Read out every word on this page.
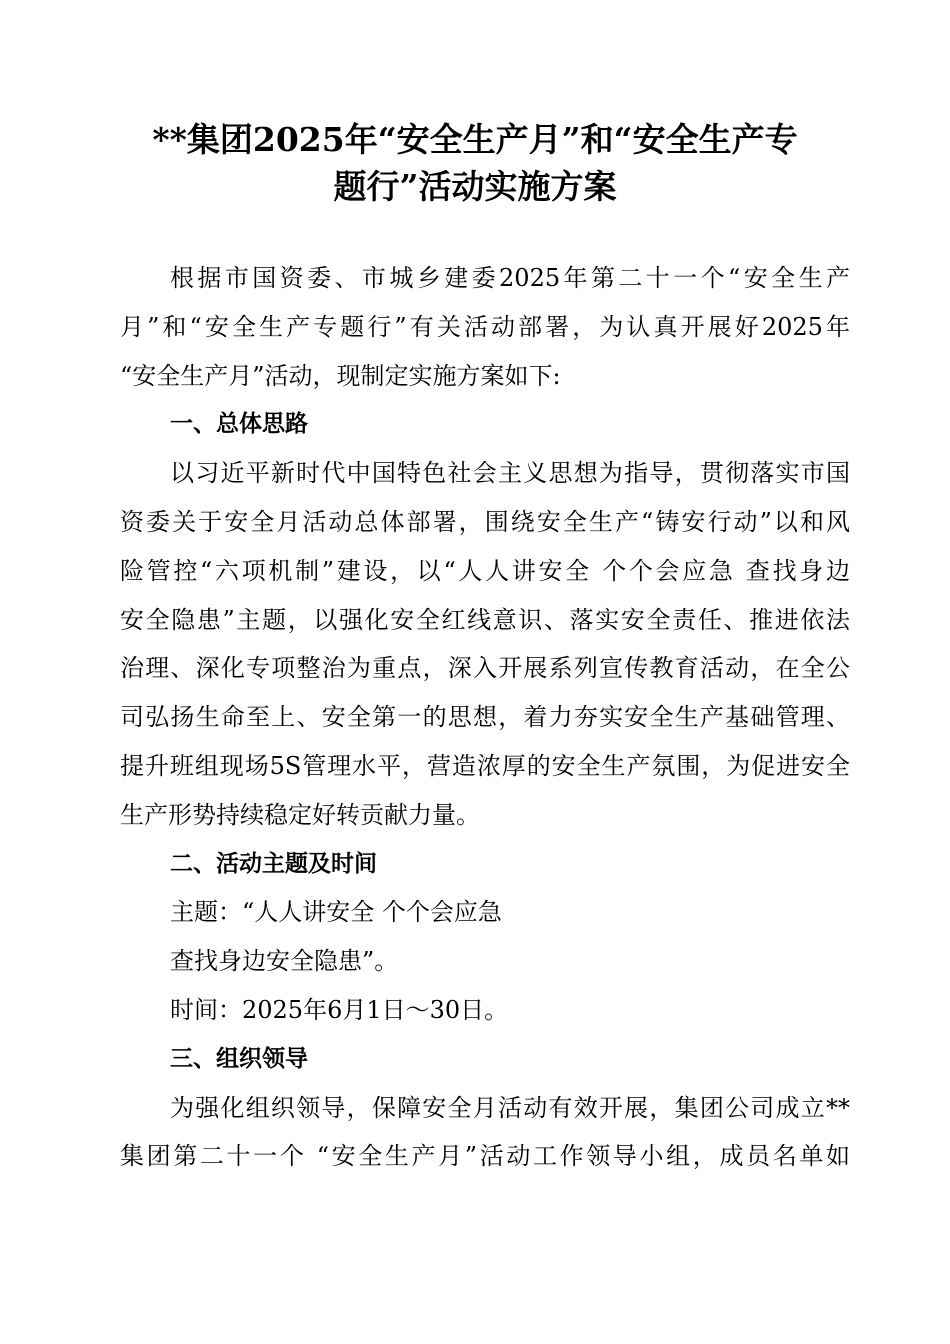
**集团2025年“安全生产月”和“安全生产专
题行”活动实施方案
根据市国资委、市城乡建委2025年第二十一个“安全生产
月”和“安全生产专题行”有关活动部署，为认真开展好2025年
“安全生产月”活动，现制定实施方案如下:
一、总体思路
以习近平新时代中国特色社会主义思想为指导，贯彻落实市国
资委关于安全月活动总体部署，围绕安全生产“铸安行动”以和风
险管控“六项机制”建设，以“人人讲安全 个个会应急 查找身边
安全隐患”主题，以强化安全红线意识、落实安全责任、推进依法
治理、深化专项整治为重点，深入开展系列宣传教育活动，在全公
司弘扬生命至上、安全第一的思想，着力夯实安全生产基础管理、
提升班组现场5S管理水平，营造浓厚的安全生产氛围，为促进安全
生产形势持续稳定好转贡献力量。
二、活动主题及时间
主题：“人人讲安全 个个会应急
查找身边安全隐患”。
时间：2025年6月1日～30日。
三、组织领导
为强化组织领导，保障安全月活动有效开展，集团公司成立**
集团第二十一个 “安全生产月”活动工作领导小组，成员名单如
